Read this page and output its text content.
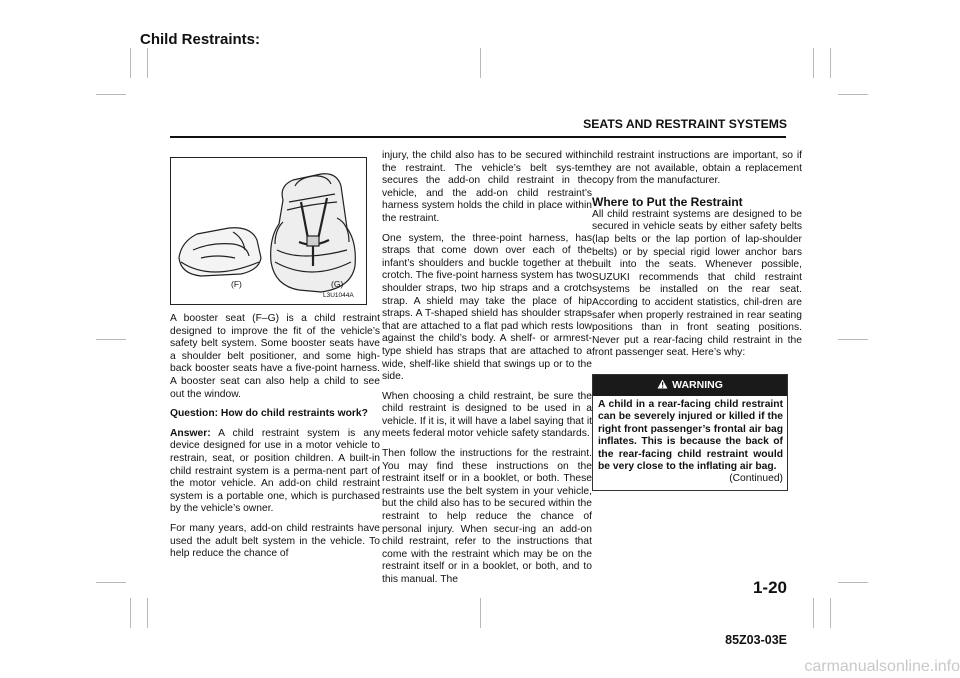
Child Restraints:
SEATS AND RESTRAINT SYSTEMS
(F)	(G)
L3U1044A

A booster seat (F–G) is a child restraint designed to improve the fit of the vehicle’s safety belt system. Some booster seats have a shoulder belt positioner, and some high-back booster seats have a five-point harness. A booster seat can also help a child to see out the window.

Question: How do child restraints work?

Answer: A child restraint system is any device designed for use in a motor vehicle to restrain, seat, or position children. A built-in child restraint system is a perma-nent part of the motor vehicle. An add-on child restraint system is a portable one, which is purchased by the vehicle’s owner.

For many years, add-on child restraints have used the adult belt system in the vehicle. To help reduce the chance of

injury, the child also has to be secured within the restraint. The vehicle’s belt sys-tem secures the add-on child restraint in the vehicle, and the add-on child restraint’s harness system holds the child in place within the restraint.

One system, the three-point harness, has straps that come down over each of the infant’s shoulders and buckle together at the crotch. The five-point harness system has two shoulder straps, two hip straps and a crotch strap. A shield may take the place of hip straps. A T-shaped shield has shoulder straps that are attached to a flat pad which rests low against the child’s body. A shelf- or armrest-type shield has straps that are attached to a wide, shelf-like shield that swings up or to the side.

When choosing a child restraint, be sure the child restraint is designed to be used in a vehicle. If it is, it will have a label saying that it meets federal motor vehicle safety standards.

Then follow the instructions for the restraint. You may find these instructions on the restraint itself or in a booklet, or both. These restraints use the belt system in your vehicle, but the child also has to be secured within the restraint to help reduce the chance of personal injury. When secur-ing an add-on child restraint, refer to the instructions that come with the restraint which may be on the restraint itself or in a booklet, or both, and to this manual. The

child restraint instructions are important, so if they are not available, obtain a replacement copy from the manufacturer.

Where to Put the Restraint

All child restraint systems are designed to be secured in vehicle seats by either safety belts (lap belts or the lap portion of lap-shoulder belts) or by special rigid lower anchor bars built into the seats. Whenever possible, SUZUKI recommends that child restraint systems be installed on the rear seat. According to accident statistics, chil-dren are safer when properly restrained in rear seating positions than in front seating positions. Never put a rear-facing child restraint in the front passenger seat. Here’s why:

WARNING
A child in a rear-facing child restraint can be severely injured or killed if the right front passenger’s frontal air bag inflates. This is because the back of the rear-facing child restraint would be very close to the inflating air bag.
(Continued)
1-20
85Z03-03E
carmanualsonline.info
